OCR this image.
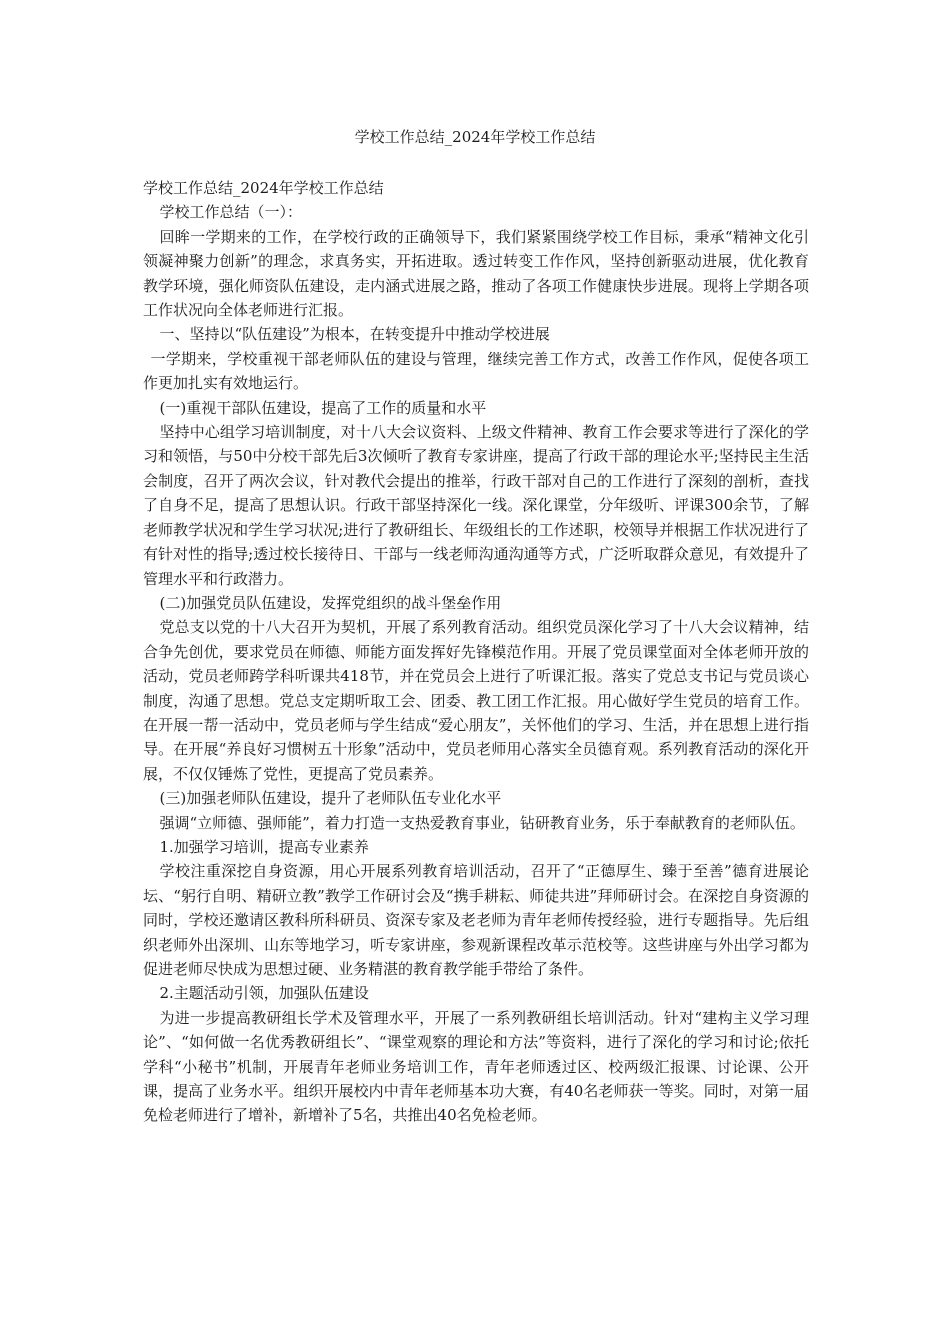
学校工作总结_2024年学校工作总结

学校工作总结_2024年学校工作总结

学校工作总结（一）：

回眸一学期来的工作，在学校行政的正确领导下，我们紧紧围绕学校工作目标，秉承“精神文化引领凝神聚力创新”的理念，求真务实，开拓进取。透过转变工作作风，坚持创新驱动进展，优化教育教学环境，强化师资队伍建设，走内涵式进展之路，推动了各项工作健康快步进展。现将上学期各项工作状况向全体老师进行汇报。

一、坚持以“队伍建设”为根本，在转变提升中推动学校进展

一学期来，学校重视干部老师队伍的建设与管理，继续完善工作方式，改善工作作风，促使各项工作更加扎实有效地运行。

(一)重视干部队伍建设，提高了工作的质量和水平

坚持中心组学习培训制度，对十八大会议资料、上级文件精神、教育工作会要求等进行了深化的学习和领悟，与50中分校干部先后3次倾听了教育专家讲座，提高了行政干部的理论水平;坚持民主生活会制度，召开了两次会议，针对教代会提出的推举，行政干部对自己的工作进行了深刻的剖析，查找了自身不足，提高了思想认识。行政干部坚持深化一线。深化课堂，分年级听、评课300余节，了解老师教学状况和学生学习状况;进行了教研组长、年级组长的工作述职，校领导并根据工作状况进行了有针对性的指导;透过校长接待日、干部与一线老师沟通沟通等方式，广泛听取群众意见，有效提升了管理水平和行政潜力。

(二)加强党员队伍建设，发挥党组织的战斗堡垒作用

党总支以党的十八大召开为契机，开展了系列教育活动。组织党员深化学习了十八大会议精神，结合争先创优，要求党员在师德、师能方面发挥好先锋模范作用。开展了党员课堂面对全体老师开放的活动，党员老师跨学科听课共418节，并在党员会上进行了听课汇报。落实了党总支书记与党员谈心制度，沟通了思想。党总支定期听取工会、团委、教工团工作汇报。用心做好学生党员的培育工作。在开展一帮一活动中，党员老师与学生结成“爱心朋友”，关怀他们的学习、生活，并在思想上进行指导。在开展“养良好习惯树五十形象”活动中，党员老师用心落实全员德育观。系列教育活动的深化开展，不仅仅锤炼了党性，更提高了党员素养。

(三)加强老师队伍建设，提升了老师队伍专业化水平

强调“立师德、强师能”，着力打造一支热爱教育事业，钻研教育业务，乐于奉献教育的老师队伍。

1.加强学习培训，提高专业素养

学校注重深挖自身资源，用心开展系列教育培训活动，召开了“正德厚生、臻于至善”德育进展论坛、“躬行自明、精研立教”教学工作研讨会及“携手耕耘、师徒共进”拜师研讨会。在深挖自身资源的同时，学校还邀请区教科所科研员、资深专家及老老师为青年老师传授经验，进行专题指导。先后组织老师外出深圳、山东等地学习，听专家讲座，参观新课程改革示范校等。这些讲座与外出学习都为促进老师尽快成为思想过硬、业务精湛的教育教学能手带给了条件。

2.主题活动引领，加强队伍建设

为进一步提高教研组长学术及管理水平，开展了一系列教研组长培训活动。针对“建构主义学习理论”、“如何做一名优秀教研组长”、“课堂观察的理论和方法”等资料，进行了深化的学习和讨论;依托学科“小秘书”机制，开展青年老师业务培训工作，青年老师透过区、校两级汇报课、讨论课、公开课，提高了业务水平。组织开展校内中青年老师基本功大赛，有40名老师获一等奖。同时，对第一届免检老师进行了增补，新增补了5名，共推出40名免检老师。
